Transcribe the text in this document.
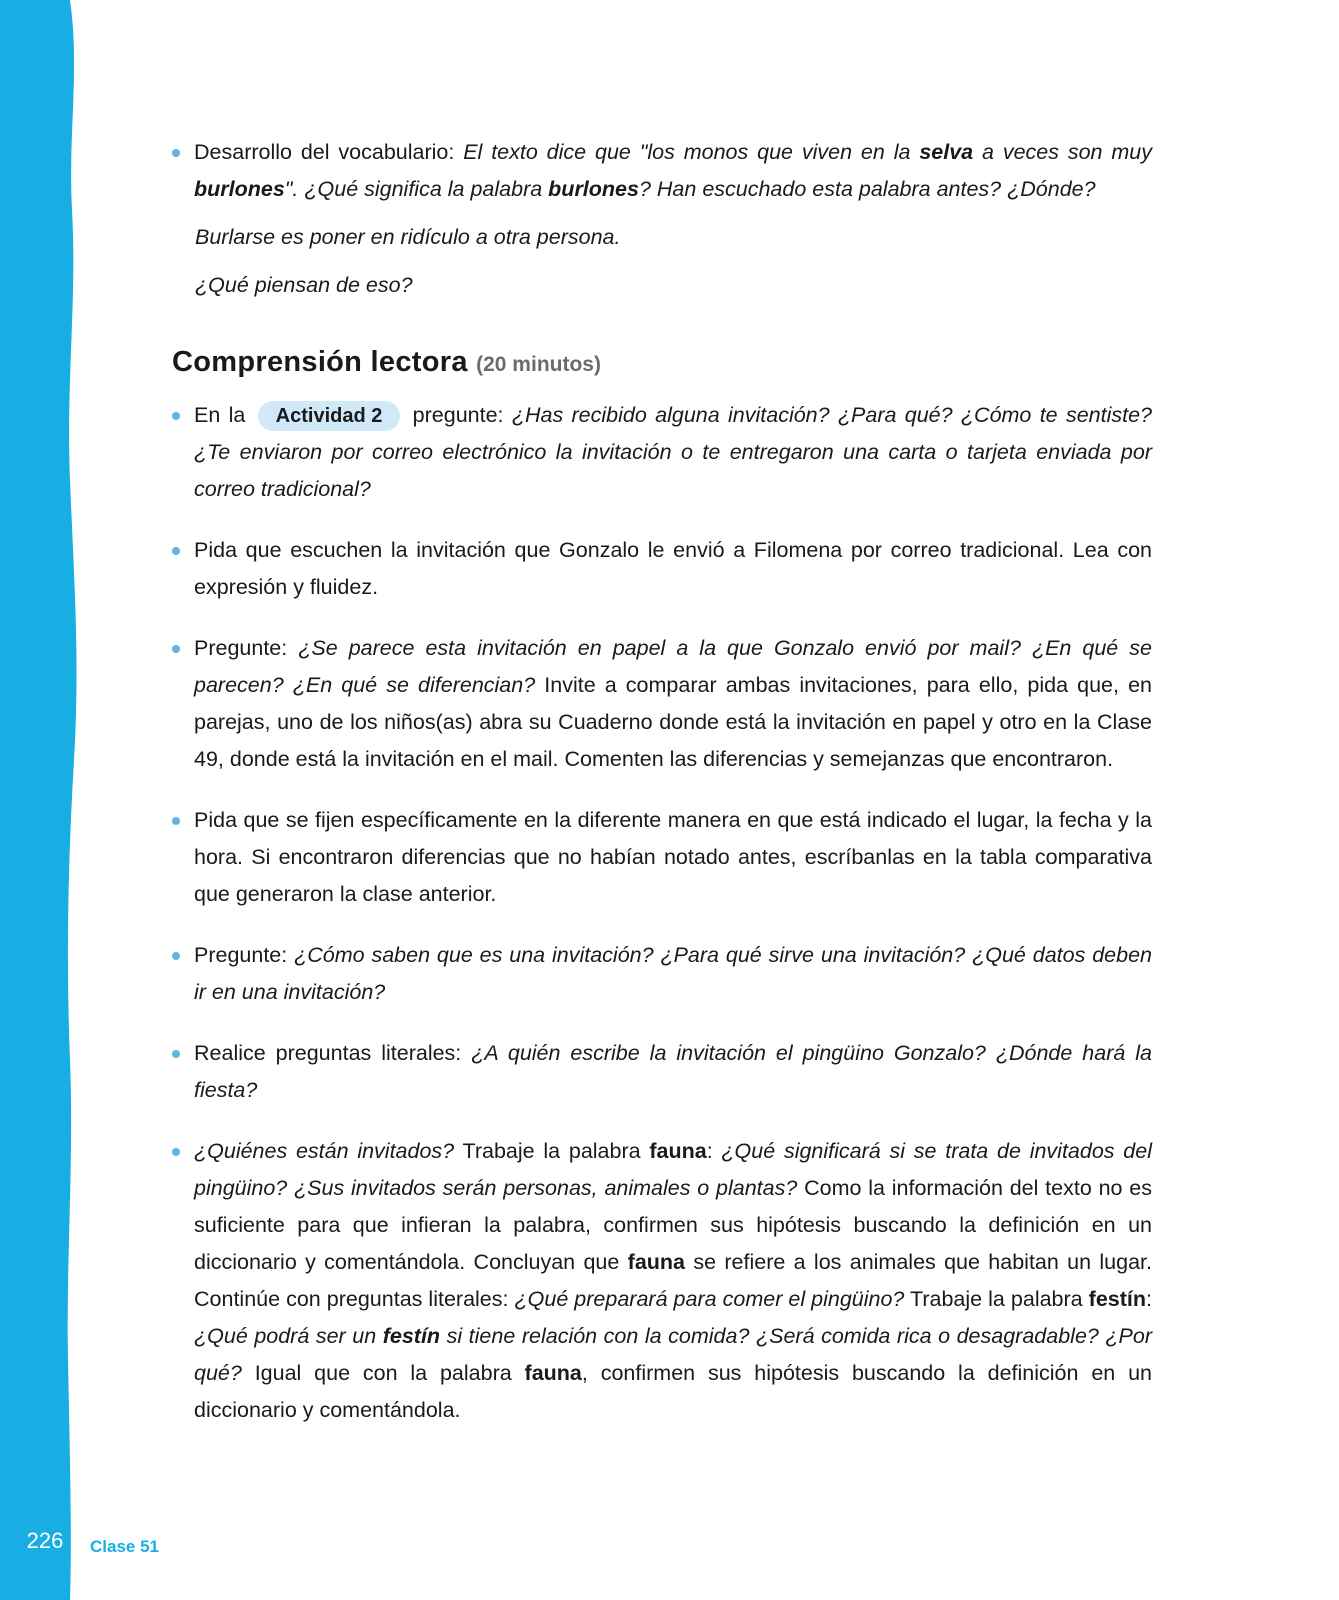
226	Clase 51
Desarrollo del vocabulario: El texto dice que "los monos que viven en la selva a veces son muy burlones". ¿Qué significa la palabra burlones? Han escuchado esta palabra antes? ¿Dónde?

Burlarse es poner en ridículo a otra persona.

¿Qué piensan de eso?

Comprensión lectora (20 minutos)
En la Actividad 2 pregunte: ¿Has recibido alguna invitación? ¿Para qué? ¿Cómo te sentiste? ¿Te enviaron por correo electrónico la invitación o te entregaron una carta o tarjeta enviada por correo tradicional?
Pida que escuchen la invitación que Gonzalo le envió a Filomena por correo tradicional. Lea con expresión y fluidez.
Pregunte: ¿Se parece esta invitación en papel a la que Gonzalo envió por mail? ¿En qué se parecen? ¿En qué se diferencian? Invite a comparar ambas invitaciones, para ello, pida que, en parejas, uno de los niños(as) abra su Cuaderno donde está la invitación en papel y otro en la Clase 49, donde está la invitación en el mail. Comenten las diferencias y semejanzas que encontraron.
Pida que se fijen específicamente en la diferente manera en que está indicado el lugar, la fecha y la hora. Si encontraron diferencias que no habían notado antes, escríbanlas en la tabla comparativa que generaron la clase anterior.
Pregunte: ¿Cómo saben que es una invitación? ¿Para qué sirve una invitación? ¿Qué datos deben ir en una invitación?
Realice preguntas literales: ¿A quién escribe la invitación el pingüino Gonzalo? ¿Dónde hará la fiesta?
¿Quiénes están invitados? Trabaje la palabra fauna: ¿Qué significará si se trata de invitados del pingüino? ¿Sus invitados serán personas, animales o plantas? Como la información del texto no es suficiente para que infieran la palabra, confirmen sus hipótesis buscando la definición en un diccionario y comentándola. Concluyan que fauna se refiere a los animales que habitan un lugar. Continúe con preguntas literales: ¿Qué preparará para comer el pingüino? Trabaje la palabra festín: ¿Qué podrá ser un festín si tiene relación con la comida? ¿Será comida rica o desagradable? ¿Por qué? Igual que con la palabra fauna, confirmen sus hipótesis buscando la definición en un diccionario y comentándola.
